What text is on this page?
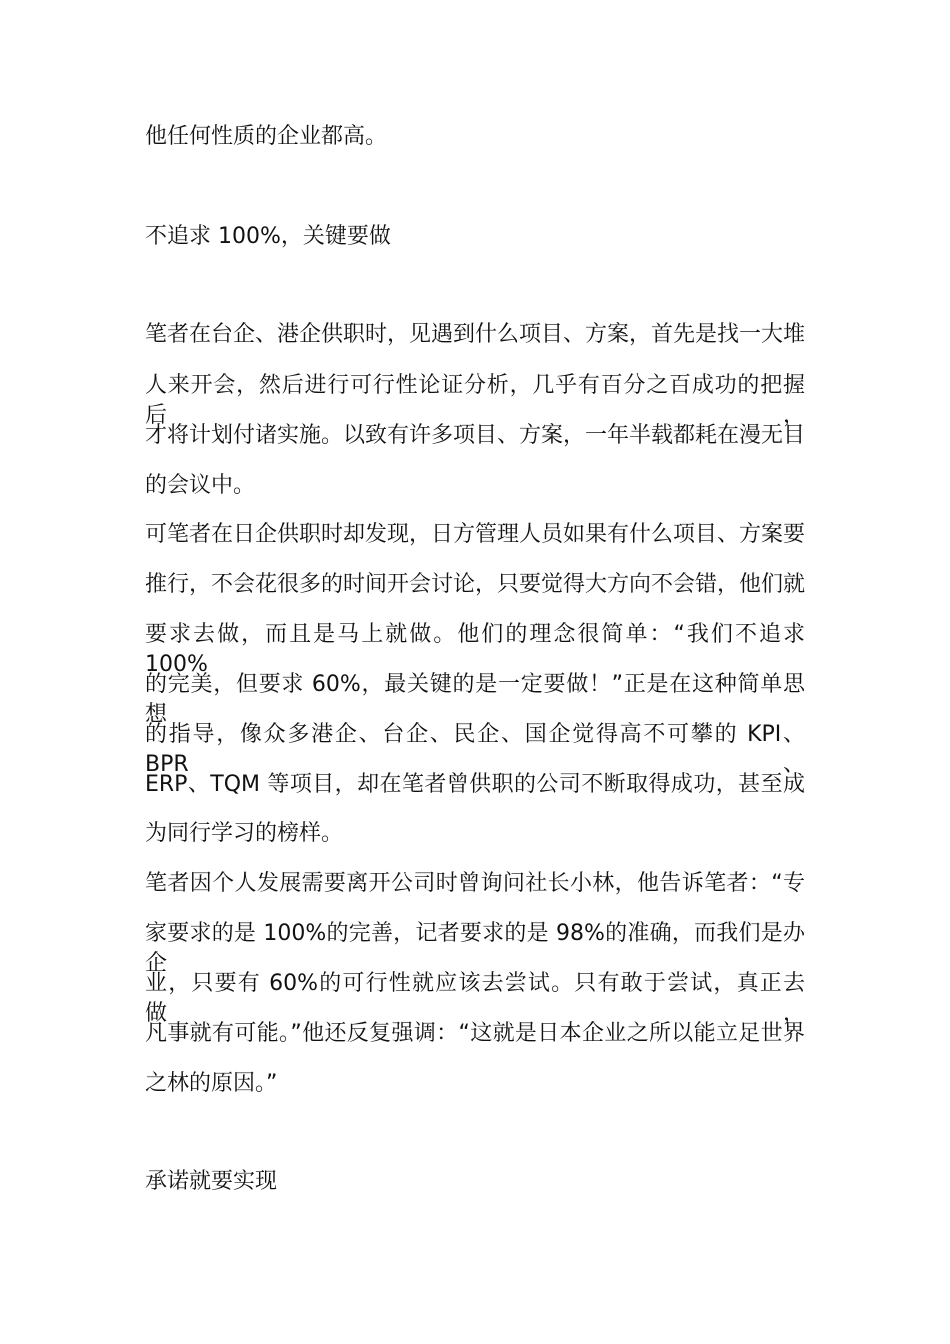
他任何性质的企业都高。
不追求 100%，关键要做
笔者在台企、港企供职时，见遇到什么项目、方案，首先是找一大堆
人来开会，然后进行可行性论证分析，几乎有百分之百成功的把握后，
才将计划付诸实施。以致有许多项目、方案，一年半载都耗在漫无目
的会议中。
可笔者在日企供职时却发现，日方管理人员如果有什么项目、方案要
推行，不会花很多的时间开会讨论，只要觉得大方向不会错，他们就
要求去做，而且是马上就做。他们的理念很简单：“我们不追求 100%
的完美，但要求 60%，最关键的是一定要做！”正是在这种简单思想
的指导，像众多港企、台企、民企、国企觉得高不可攀的 KPI、BPR、
ERP、TQM 等项目，却在笔者曾供职的公司不断取得成功，甚至成
为同行学习的榜样。
笔者因个人发展需要离开公司时曾询问社长小林，他告诉笔者：“专
家要求的是 100%的完善，记者要求的是 98%的准确，而我们是办企
业，只要有 60%的可行性就应该去尝试。只有敢于尝试，真正去做，
凡事就有可能。”他还反复强调：“这就是日本企业之所以能立足世界
之林的原因。”
承诺就要实现
